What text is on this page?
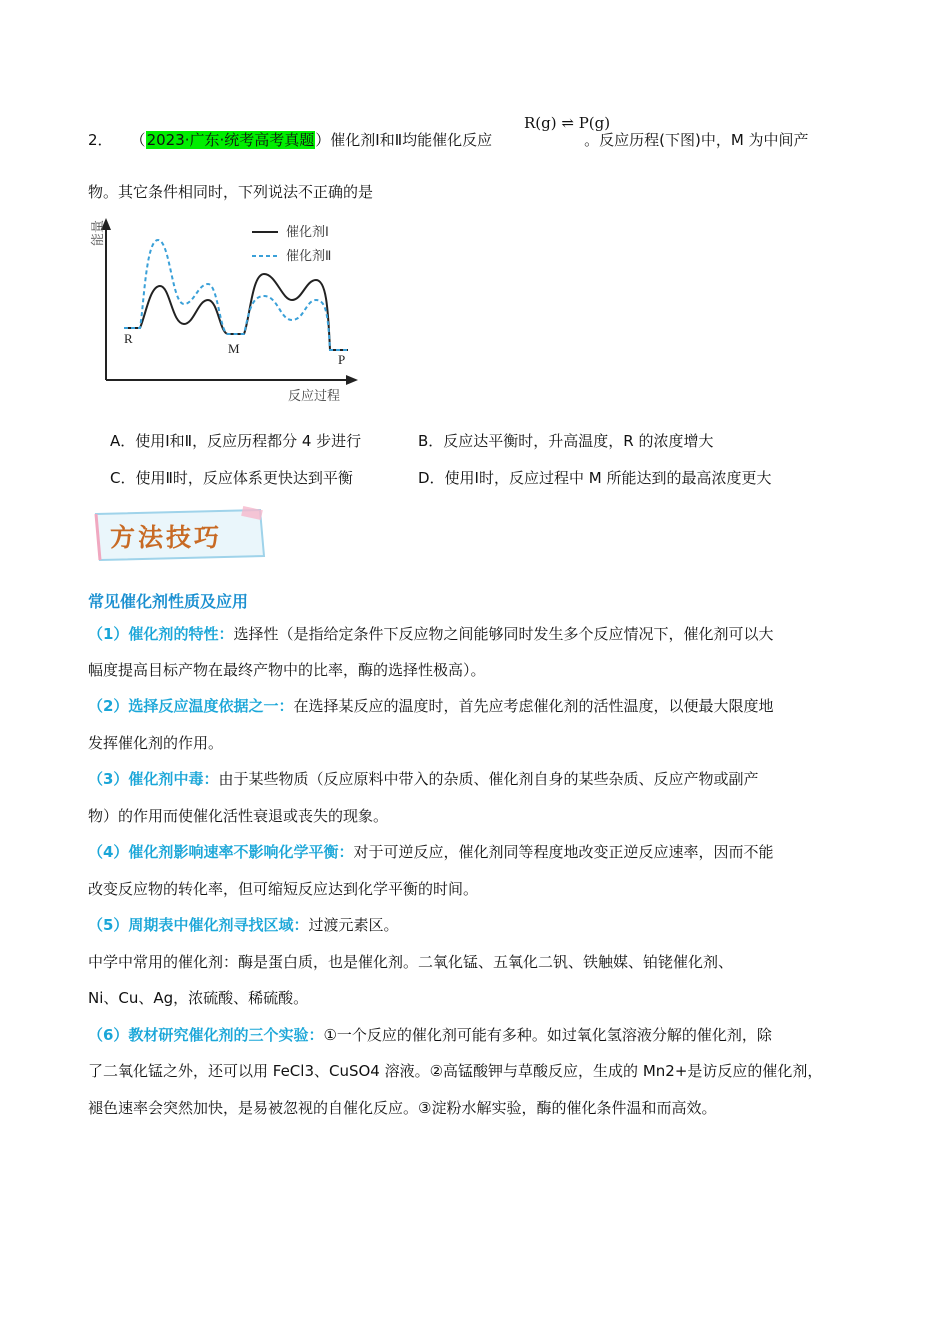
R(g) ⇌ P(g)
2． （2023·广东·统考高考真题）催化剂Ⅰ和Ⅱ均能催化反应	。反应历程(下图)中，M 为中间产
物。其它条件相同时，下列说法不正确的是
催化剂Ⅰ
催化剂Ⅱ
能量
反应过程
R
M
P
A．使用Ⅰ和Ⅱ，反应历程都分 4 步进行	B．反应达平衡时，升高温度，R 的浓度增大
C．使用Ⅱ时，反应体系更快达到平衡	D．使用Ⅰ时，反应过程中 M 所能达到的最高浓度更大
方法技巧
常见催化剂性质及应用
（1）催化剂的特性：选择性（是指给定条件下反应物之间能够同时发生多个反应情况下，催化剂可以大
幅度提高目标产物在最终产物中的比率，酶的选择性极高）。
（2）选择反应温度依据之一：在选择某反应的温度时，首先应考虑催化剂的活性温度，以便最大限度地
发挥催化剂的作用。
（3）催化剂中毒：由于某些物质（反应原料中带入的杂质、催化剂自身的某些杂质、反应产物或副产
物）的作用而使催化活性衰退或丧失的现象。
（4）催化剂影响速率不影响化学平衡：对于可逆反应，催化剂同等程度地改变正逆反应速率，因而不能
改变反应物的转化率，但可缩短反应达到化学平衡的时间。
（5）周期表中催化剂寻找区域：过渡元素区。
中学中常用的催化剂：酶是蛋白质，也是催化剂。二氧化锰、五氧化二钒、铁触媒、铂铑催化剂、
Ni、Cu、Ag，浓硫酸、稀硫酸。
（6）教材研究催化剂的三个实验：①一个反应的催化剂可能有多种。如过氧化氢溶液分解的催化剂，除
了二氧化锰之外，还可以用 FeCl3、CuSO4 溶液。②高锰酸钾与草酸反应，生成的 Mn2+是访反应的催化剂，
褪色速率会突然加快，是易被忽视的自催化反应。③淀粉水解实验，酶的催化条件温和而高效。
